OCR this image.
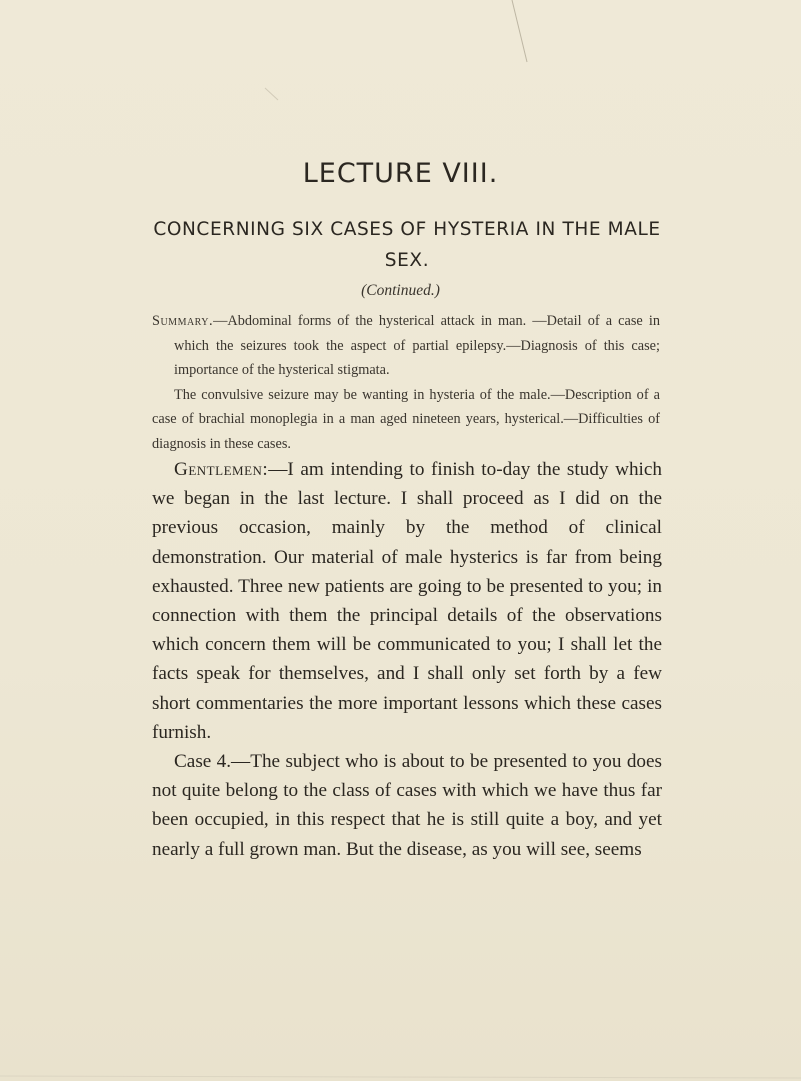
LECTURE VIII.
CONCERNING SIX CASES OF HYSTERIA IN THE MALE SEX.
(Continued.)

Summary.—Abdominal forms of the hysterical attack in man. —Detail of a case in which the seizures took the aspect of partial epilepsy.—Diagnosis of this case; importance of the hysterical stigmata.

The convulsive seizure may be wanting in hysteria of the male.—Description of a case of brachial monoplegia in a man aged nineteen years, hysterical.—Difficulties of diagnosis in these cases.

Gentlemen:—I am intending to finish to-day the study which we began in the last lecture. I shall proceed as I did on the previous occasion, mainly by the method of clinical demonstration. Our material of male hysterics is far from being exhausted. Three new patients are going to be presented to you; in connection with them the principal details of the observations which concern them will be communicated to you; I shall let the facts speak for themselves, and I shall only set forth by a few short commentaries the more important lessons which these cases furnish.

Case 4.—The subject who is about to be presented to you does not quite belong to the class of cases with which we have thus far been occupied, in this respect that he is still quite a boy, and yet nearly a full grown man. But the disease, as you will see, seems
